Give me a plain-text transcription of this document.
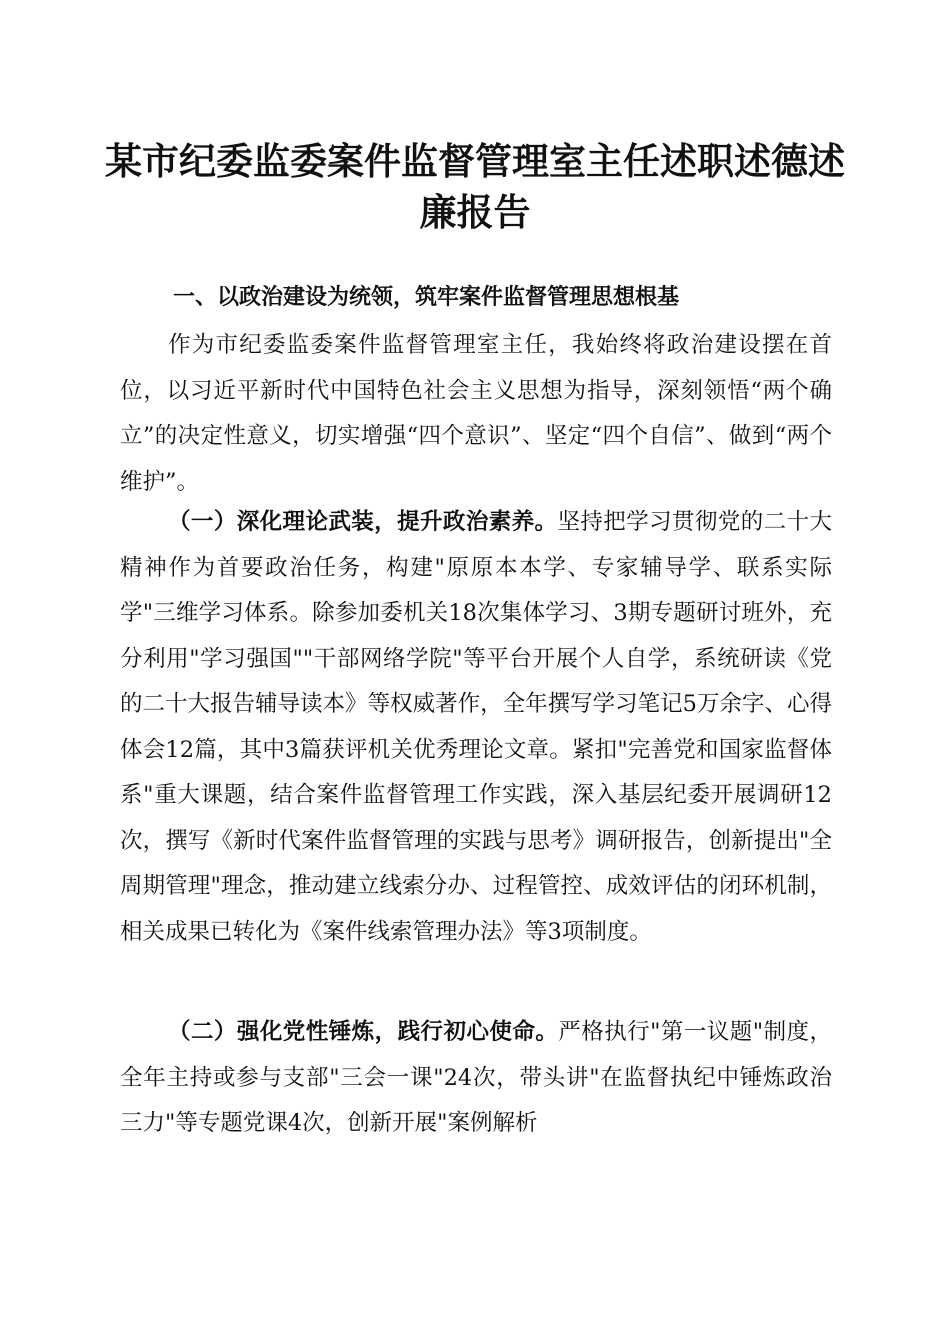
某市纪委监委案件监督管理室主任述职述德述
廉报告
一、以政治建设为统领，筑牢案件监督管理思想根基

作为市纪委监委案件监督管理室主任，我始终将政治建设摆在首位，以习近平新时代中国特色社会主义思想为指导，深刻领悟“两个确立”的决定性意义，切实增强“四个意识”、坚定“四个自信”、做到“两个维护”。

（一）深化理论武装，提升政治素养。坚持把学习贯彻党的二十大精神作为首要政治任务，构建"原原本本学、专家辅导学、联系实际学"三维学习体系。除参加委机关18次集体学习、3期专题研讨班外，充分利用"学习强国""干部网络学院"等平台开展个人自学，系统研读《党的二十大报告辅导读本》等权威著作，全年撰写学习笔记5万余字、心得体会12篇，其中3篇获评机关优秀理论文章。紧扣"完善党和国家监督体系"重大课题，结合案件监督管理工作实践，深入基层纪委开展调研12次，撰写《新时代案件监督管理的实践与思考》调研报告，创新提出"全周期管理"理念，推动建立线索分办、过程管控、成效评估的闭环机制，相关成果已转化为《案件线索管理办法》等3项制度。

（二）强化党性锤炼，践行初心使命。严格执行"第一议题"制度，全年主持或参与支部"三会一课"24次，带头讲"在监督执纪中锤炼政治三力"等专题党课4次，创新开展"案例解析
